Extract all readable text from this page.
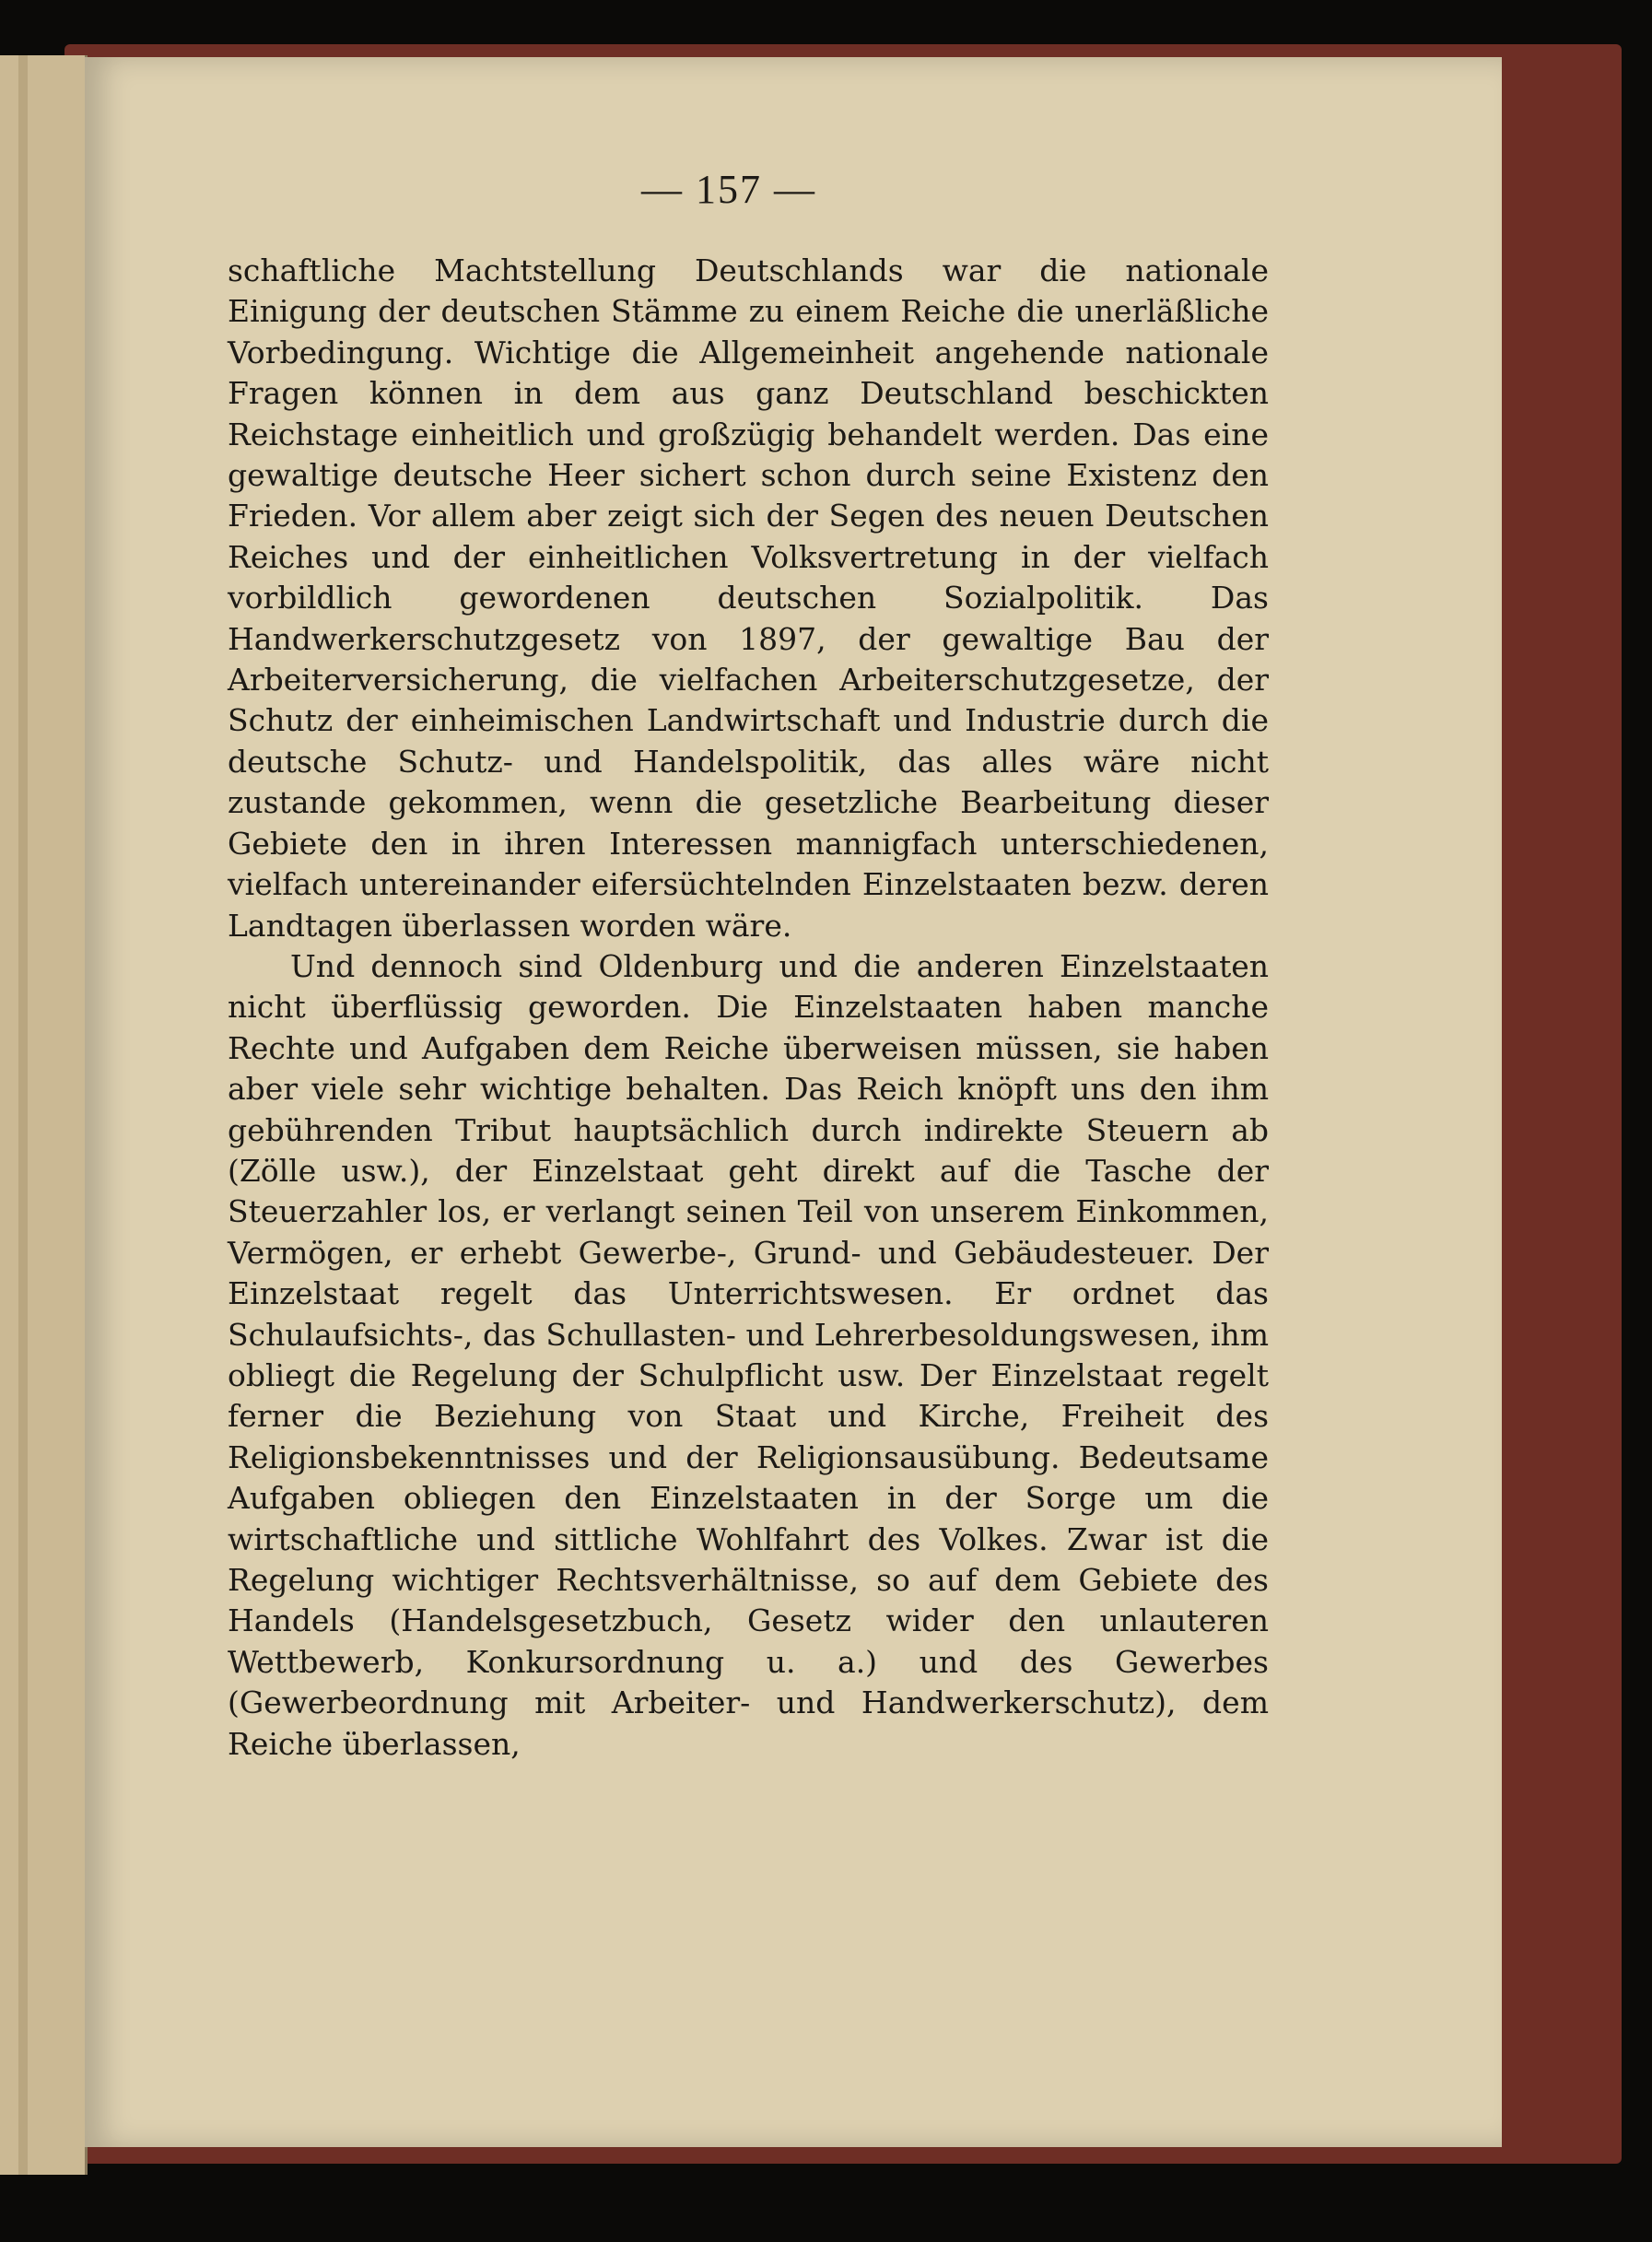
— 157 —

schaftliche Machtstellung Deutschlands war die nationale Einigung der deutschen Stämme zu einem Reiche die unerläßliche Vorbedingung. Wichtige die Allgemeinheit angehende nationale Fragen können in dem aus ganz Deutschland beschickten Reichstage einheitlich und großzügig behandelt werden. Das eine gewaltige deutsche Heer sichert schon durch seine Existenz den Frieden. Vor allem aber zeigt sich der Segen des neuen Deutschen Reiches und der einheitlichen Volksvertretung in der vielfach vorbildlich gewordenen deutschen Sozialpolitik. Das Handwerkerschutzgesetz von 1897, der gewaltige Bau der Arbeiterversicherung, die vielfachen Arbeiterschutzgesetze, der Schutz der einheimischen Landwirtschaft und Industrie durch die deutsche Schutz- und Handelspolitik, das alles wäre nicht zustande gekommen, wenn die gesetzliche Bearbeitung dieser Gebiete den in ihren Interessen mannigfach unterschiedenen, vielfach untereinander eifersüchtelnden Einzelstaaten bezw. deren Landtagen überlassen worden wäre.

Und dennoch sind Oldenburg und die anderen Einzelstaaten nicht überflüssig geworden. Die Einzelstaaten haben manche Rechte und Aufgaben dem Reiche überweisen müssen, sie haben aber viele sehr wichtige behalten. Das Reich knöpft uns den ihm gebührenden Tribut hauptsächlich durch indirekte Steuern ab (Zölle usw.), der Einzelstaat geht direkt auf die Tasche der Steuerzahler los, er verlangt seinen Teil von unserem Einkommen, Vermögen, er erhebt Gewerbe-, Grund- und Gebäudesteuer. Der Einzelstaat regelt das Unterrichtswesen. Er ordnet das Schulaufsichts-, das Schullasten- und Lehrerbesoldungswesen, ihm obliegt die Regelung der Schulpflicht usw. Der Einzelstaat regelt ferner die Beziehung von Staat und Kirche, Freiheit des Religionsbekenntnisses und der Religionsausübung. Bedeutsame Aufgaben obliegen den Einzelstaaten in der Sorge um die wirtschaftliche und sittliche Wohlfahrt des Volkes. Zwar ist die Regelung wichtiger Rechtsverhältnisse, so auf dem Gebiete des Handels (Handelsgesetzbuch, Gesetz wider den unlauteren Wettbewerb, Konkursordnung u. a.) und des Gewerbes (Gewerbeordnung mit Arbeiter- und Handwerkerschutz), dem Reiche überlassen,
